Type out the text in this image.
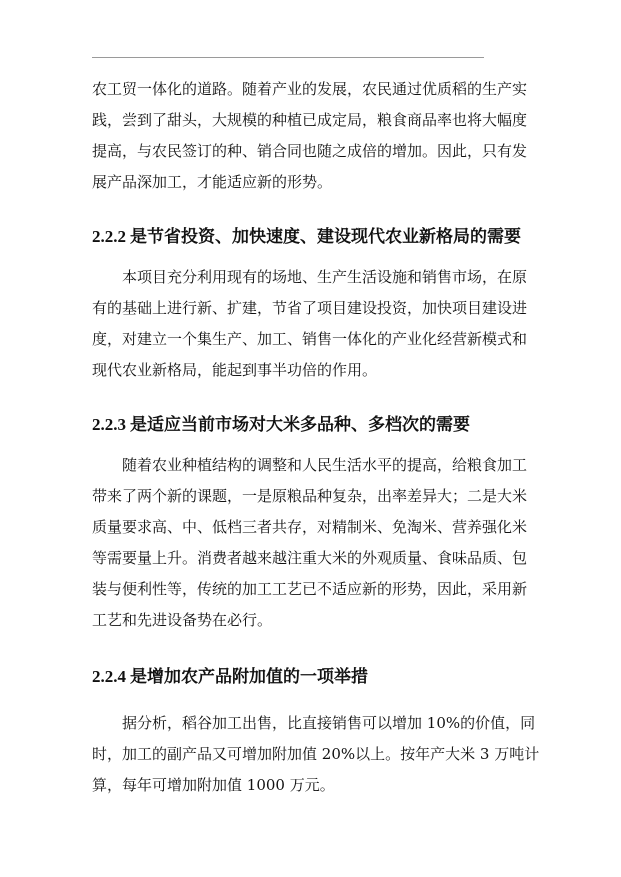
农工贸一体化的道路。随着产业的发展，农民通过优质稻的生产实
践，尝到了甜头，大规模的种植已成定局，粮食商品率也将大幅度
提高，与农民签订的种、销合同也随之成倍的增加。因此，只有发
展产品深加工，才能适应新的形势。
2.2.2 是节省投资、加快速度、建设现代农业新格局的需要
本项目充分利用现有的场地、生产生活设施和销售市场，在原
有的基础上进行新、扩建，节省了项目建设投资，加快项目建设进
度，对建立一个集生产、加工、销售一体化的产业化经营新模式和
现代农业新格局，能起到事半功倍的作用。
2.2.3 是适应当前市场对大米多品种、多档次的需要
随着农业种植结构的调整和人民生活水平的提高，给粮食加工
带来了两个新的课题，一是原粮品种复杂，出率差异大；二是大米
质量要求高、中、低档三者共存，对精制米、免淘米、营养强化米
等需要量上升。消费者越来越注重大米的外观质量、食味品质、包
装与便利性等，传统的加工工艺已不适应新的形势，因此，采用新
工艺和先进设备势在必行。
2.2.4 是增加农产品附加值的一项举措
据分析，稻谷加工出售，比直接销售可以增加 10%的价值，同
时，加工的副产品又可增加附加值 20%以上。按年产大米 3 万吨计
算，每年可增加附加值 1000 万元。
